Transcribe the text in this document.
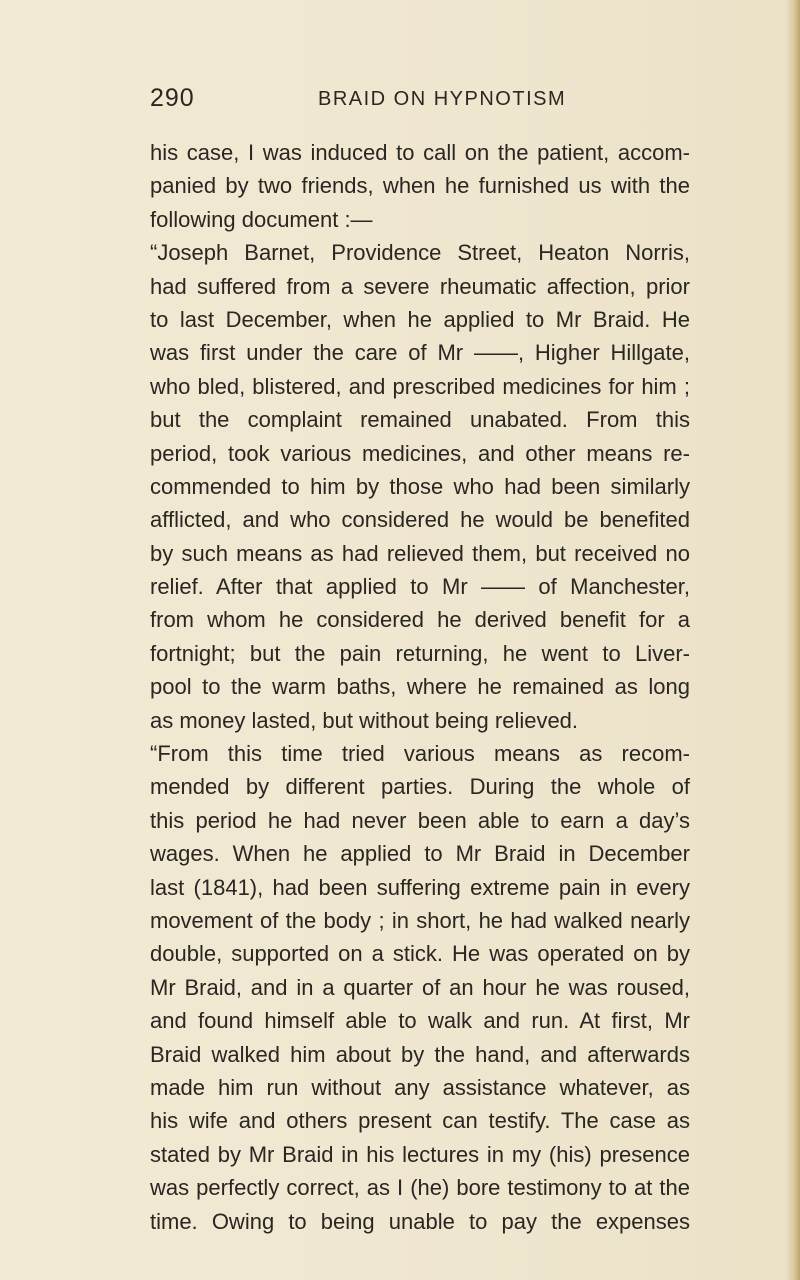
290	BRAID ON HYPNOTISM
his case, I was induced to call on the patient, accom-
panied by two friends, when he furnished us with the
following document :—
“Joseph Barnet, Providence Street, Heaton Norris,
had suffered from a severe rheumatic affection, prior
to last December, when he applied to Mr Braid. He
was first under the care of Mr ——, Higher Hillgate,
who bled, blistered, and prescribed medicines for him ;
but the complaint remained unabated. From this
period, took various medicines, and other means re-
commended to him by those who had been similarly
afflicted, and who considered he would be benefited
by such means as had relieved them, but received no
relief. After that applied to Mr —— of Manchester,
from whom he considered he derived benefit for a
fortnight; but the pain returning, he went to Liver-
pool to the warm baths, where he remained as long
as money lasted, but without being relieved.
“From this time tried various means as recom-
mended by different parties. During the whole of
this period he had never been able to earn a day’s
wages. When he applied to Mr Braid in December
last (1841), had been suffering extreme pain in every
movement of the body ; in short, he had walked nearly
double, supported on a stick. He was operated on by
Mr Braid, and in a quarter of an hour he was roused,
and found himself able to walk and run. At first, Mr
Braid walked him about by the hand, and afterwards
made him run without any assistance whatever, as
his wife and others present can testify. The case as
stated by Mr Braid in his lectures in my (his) presence
was perfectly correct, as I (he) bore testimony to at the
time. Owing to being unable to pay the expenses
